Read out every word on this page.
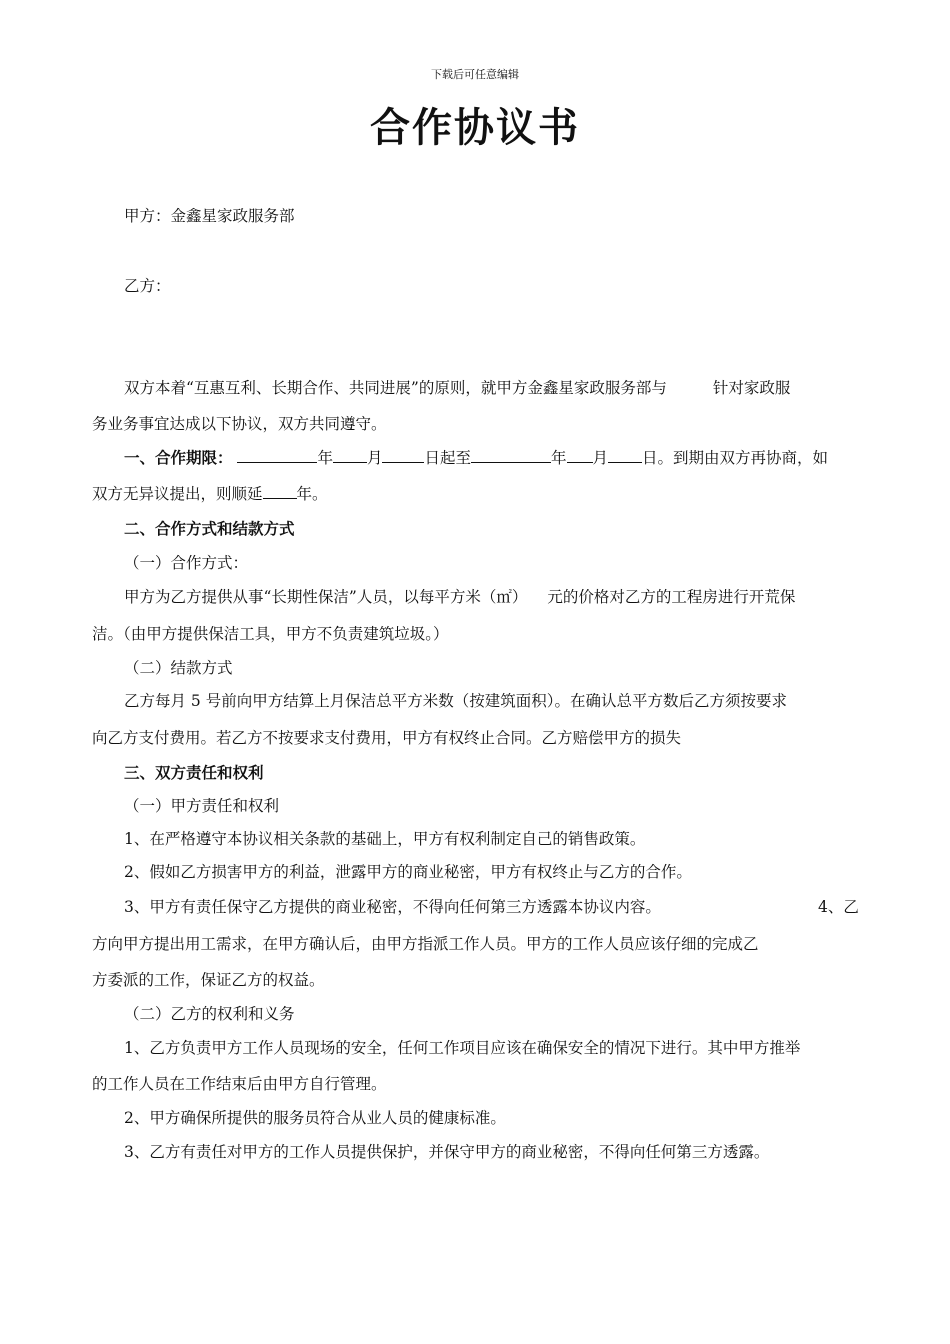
下载后可任意编辑
合作协议书
甲方：金鑫星家政服务部
乙方：
双方本着“互惠互利、长期合作、共同进展”的原则，就甲方金鑫星家政服务部与	针对家政服
务业务事宜达成以下协议，双方共同遵守。
一、合作期限：	年 月	日起至	年 月 日。到期由双方再协商，如
双方无异议提出，则顺延 年。
二、合作方式和结款方式
（一）合作方式：
甲方为乙方提供从事“长期性保洁”人员，以每平方米（㎡） 元的价格对乙方的工程房进行开荒保
洁。（由甲方提供保洁工具，甲方不负责建筑垃圾。）
（二）结款方式
乙方每月 5 号前向甲方结算上月保洁总平方米数（按建筑面积）。在确认总平方数后乙方须按要求
向乙方支付费用。若乙方不按要求支付费用，甲方有权终止合同。乙方赔偿甲方的损失
三、双方责任和权利
（一）甲方责任和权利
1、在严格遵守本协议相关条款的基础上，甲方有权利制定自己的销售政策。
2、假如乙方损害甲方的利益，泄露甲方的商业秘密，甲方有权终止与乙方的合作。
3、甲方有责任保守乙方提供的商业秘密，不得向任何第三方透露本协议内容。	4、乙
方向甲方提出用工需求，在甲方确认后，由甲方指派工作人员。甲方的工作人员应该仔细的完成乙
方委派的工作，保证乙方的权益。
（二）乙方的权利和义务
1、乙方负责甲方工作人员现场的安全，任何工作项目应该在确保安全的情况下进行。其中甲方推举
的工作人员在工作结束后由甲方自行管理。
2、甲方确保所提供的服务员符合从业人员的健康标准。
3、乙方有责任对甲方的工作人员提供保护，并保守甲方的商业秘密，不得向任何第三方透露。
